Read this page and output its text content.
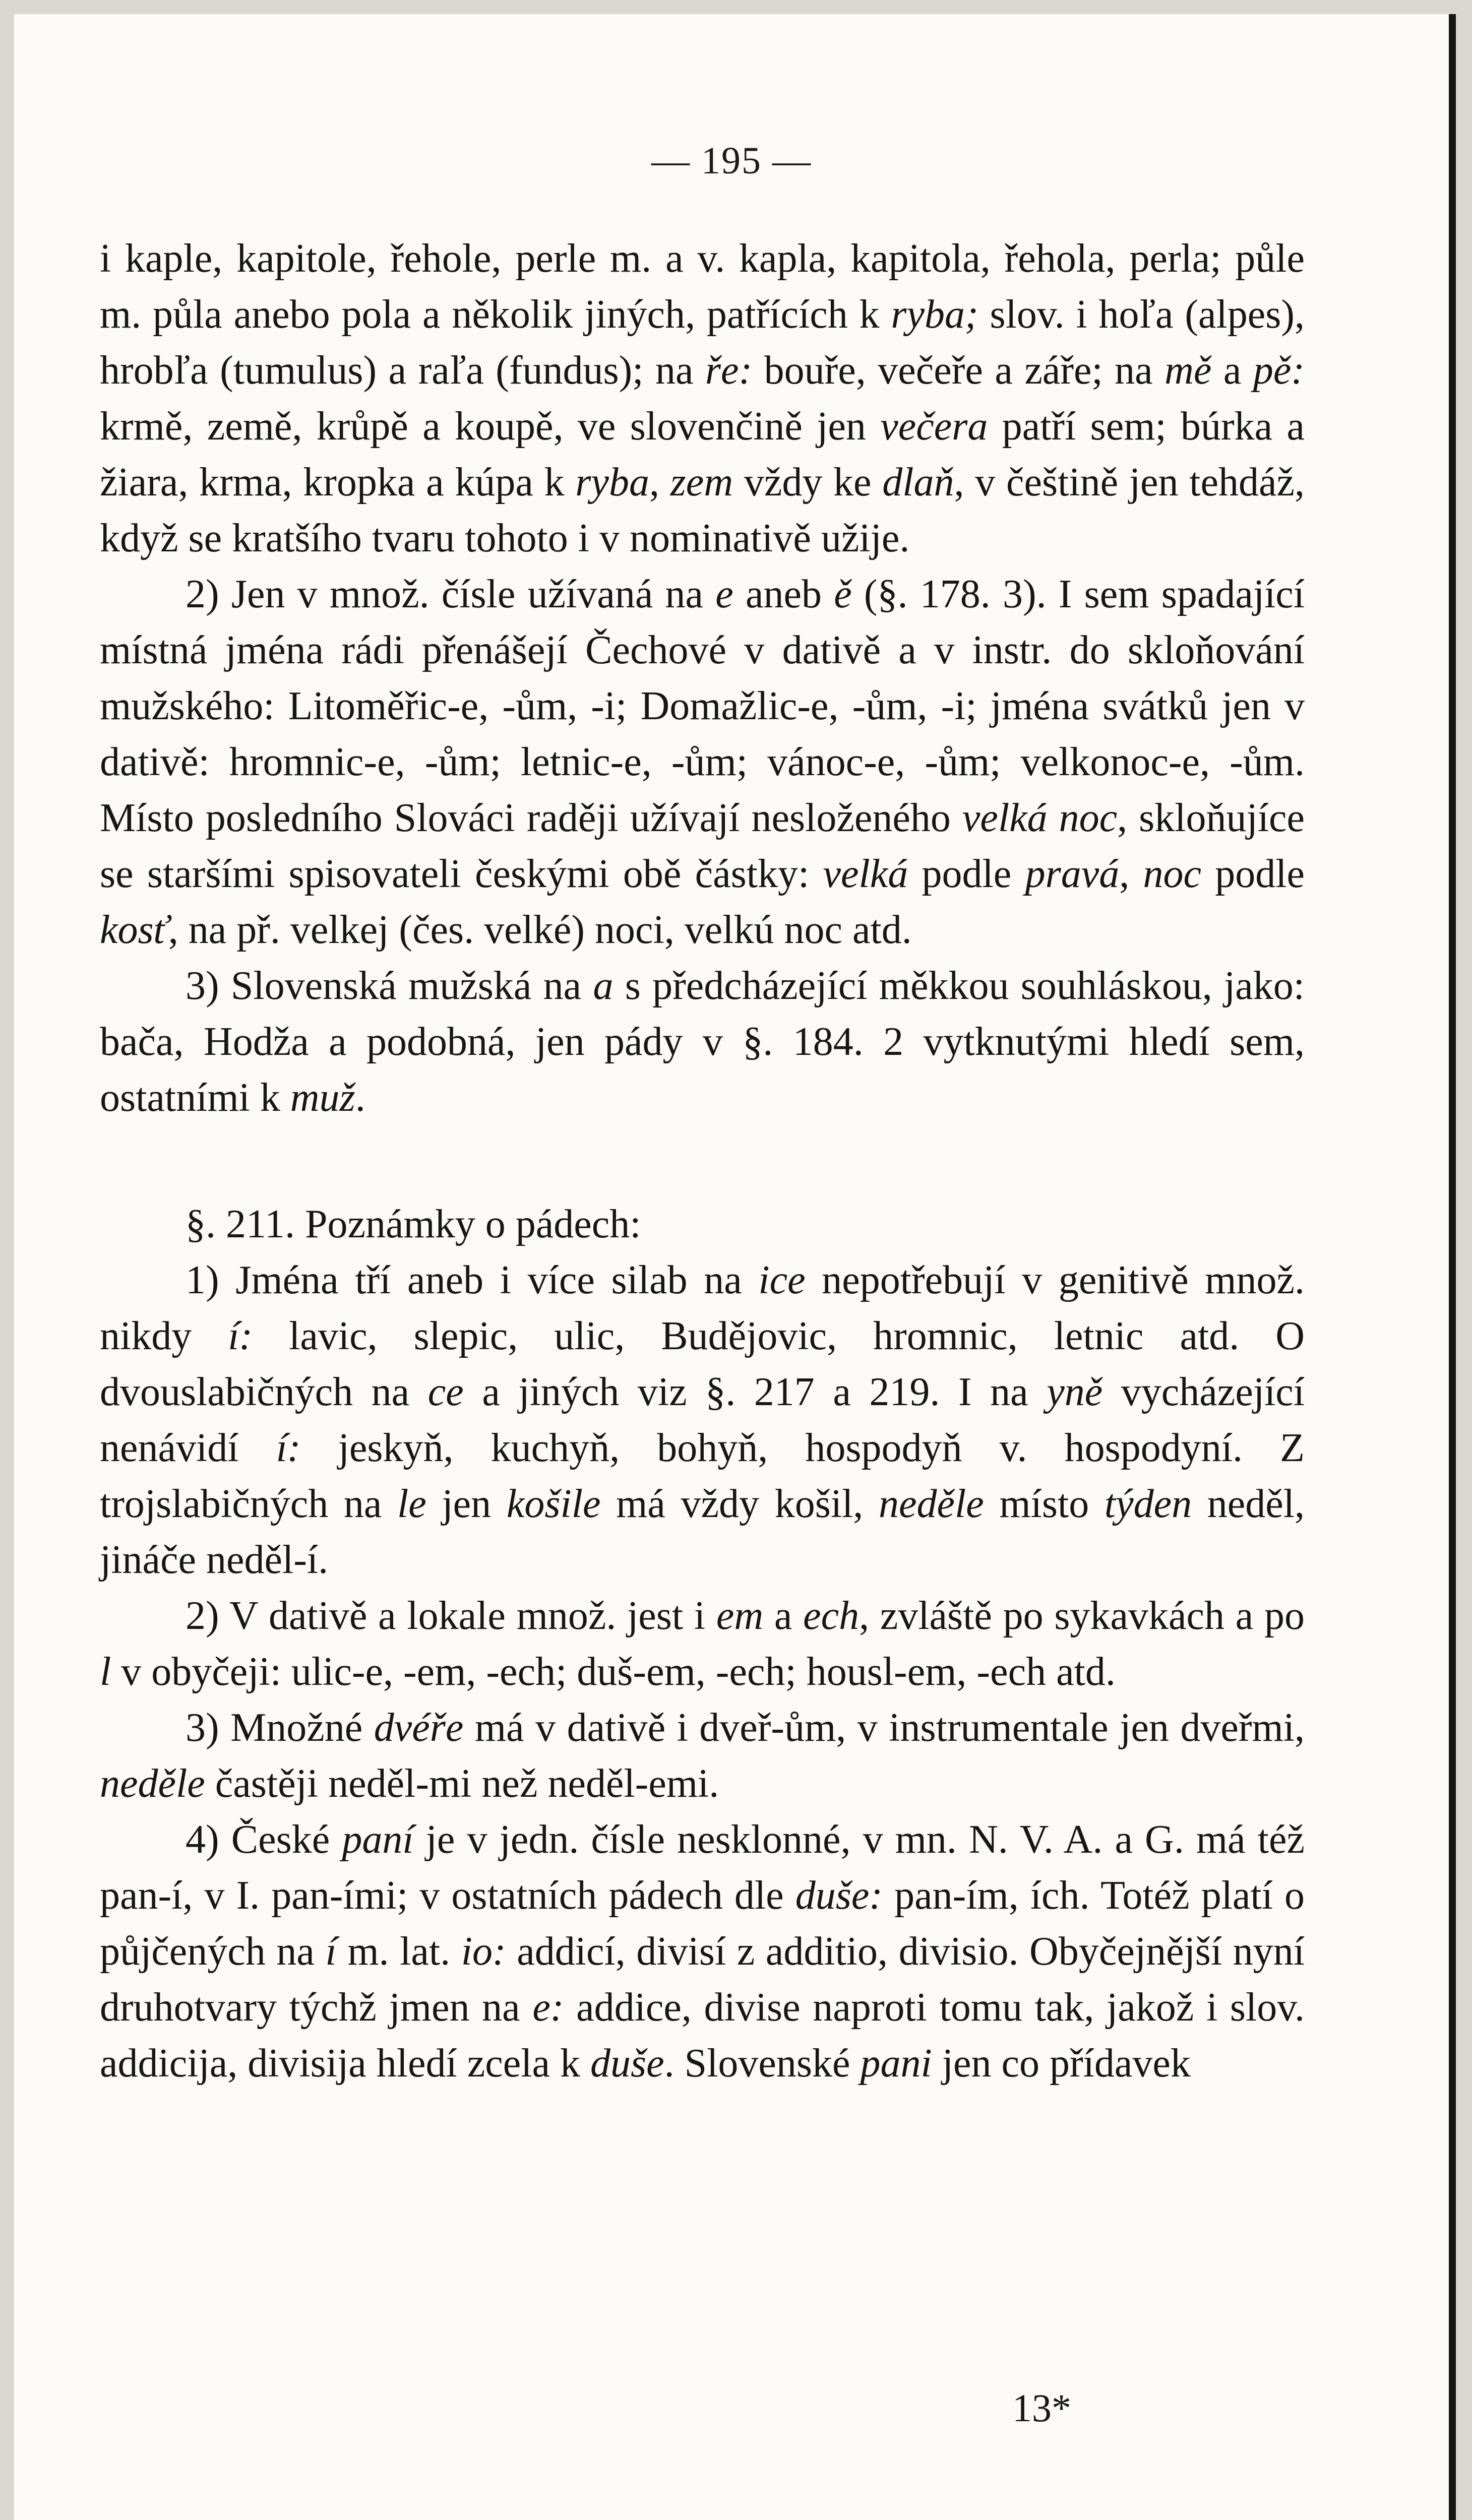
— 195 —

i kaple, kapitole, řehole, perle m. a v. kapla, kapitola, řehola, perla; půle m. půla anebo pola a několik jiných, patřících k ryba; slov. i hoľa (alpes), hrobľa (tumulus) a raľa (fundus); na ře: bouře, večeře a záře; na mě a pě: krmě, země, krůpě a koupě, ve slovenčině jen večera patří sem; búrka a žiara, krma, kropka a kúpa k ryba, zem vždy ke dlaň, v češtině jen tehdáž, když se kratšího tvaru tohoto i v nominativě užije.

2) Jen v množ. čísle užívaná na e aneb ě (§. 178. 3). I sem spadající místná jména rádi přenášejí Čechové v dativě a v instr. do skloňování mužského: Litoměřic-e, -ům, -i; Domažlic-e, -ům, -i; jména svátků jen v dativě: hromnic-e, -ům; letnic-e, -ům; vánoc-e, -ům; velkonoc-e, -ům. Místo posledního Slováci raději užívají nesloženého velká noc, skloňujíce se staršími spisovateli českými obě částky: velká podle pravá, noc podle kosť, na př. velkej (čes. velké) noci, velkú noc atd.

3) Slovenská mužská na a s předcházející měkkou souhláskou, jako: bača, Hodža a podobná, jen pády v §. 184. 2 vytknutými hledí sem, ostatními k muž.

§. 211. Poznámky o pádech:

1) Jména tří aneb i více silab na ice nepotřebují v genitivě množ. nikdy í: lavic, slepic, ulic, Budějovic, hromnic, letnic atd. O dvouslabičných na ce a jiných viz §. 217 a 219. I na yně vycházející nenávidí í: jeskyň, kuchyň, bohyň, hospodyň v. hospodyní. Z trojslabičných na le jen košile má vždy košil, neděle místo týden neděl, jináče neděl-í.

2) V dativě a lokale množ. jest i em a ech, zvláště po sykavkách a po l v obyčeji: ulic-e, -em, -ech; duš-em, -ech; housl-em, -ech atd.

3) Množné dvéře má v dativě i dveř-ům, v instrumentale jen dveřmi, neděle častěji neděl-mi než neděl-emi.

4) České paní je v jedn. čísle nesklonné, v mn. N. V. A. a G. má též pan-í, v I. pan-ími; v ostatních pádech dle duše: pan-ím, ích. Totéž platí o půjčených na í m. lat. io: addicí, divisí z additio, divisio. Obyčejnější nyní druhotvary týchž jmen na e: addice, divise naproti tomu tak, jakož i slov. addicija, divisija hledí zcela k duše. Slovenské pani jen co přídavek

13*
